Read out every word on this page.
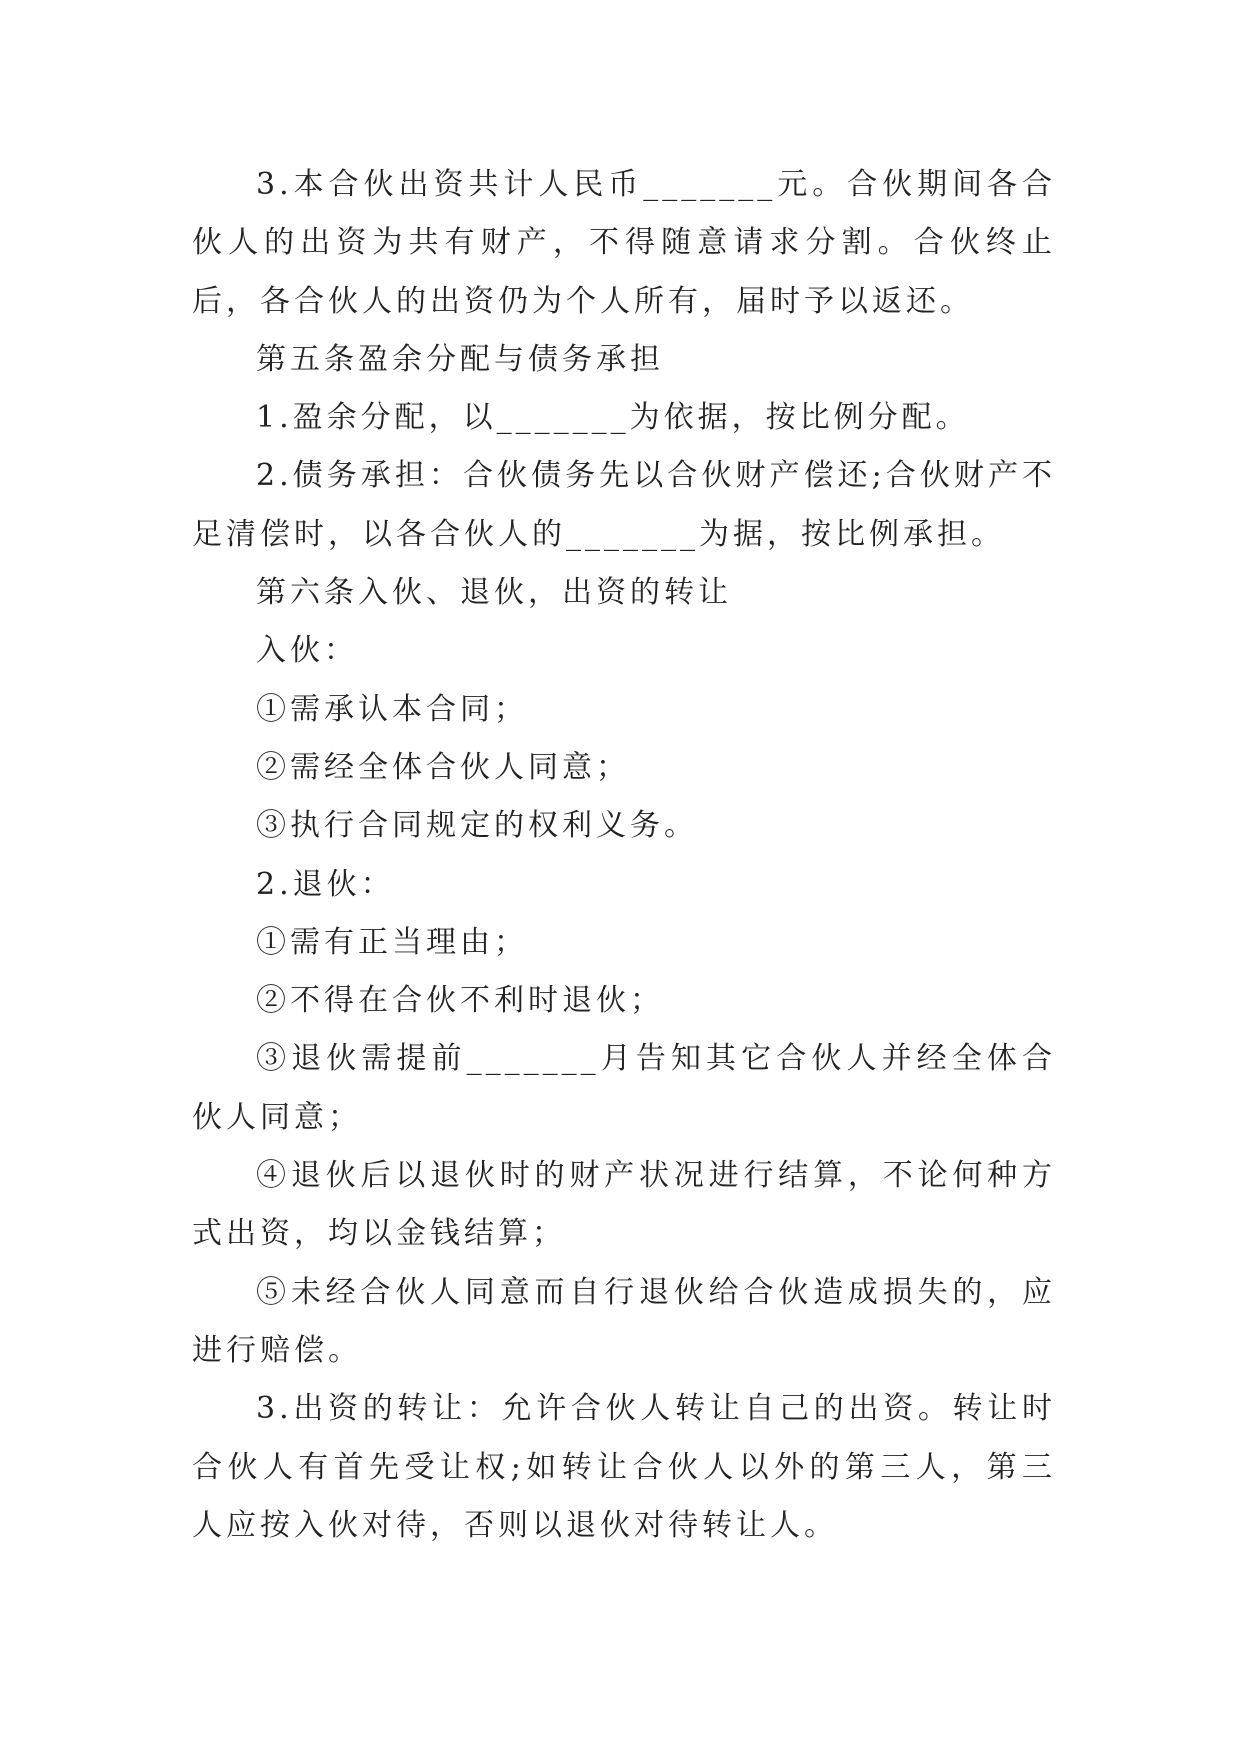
3.本合伙出资共计人民币_______元。合伙期间各合伙人的出资为共有财产，不得随意请求分割。合伙终止后，各合伙人的出资仍为个人所有，届时予以返还。

第五条盈余分配与债务承担

1.盈余分配，以_______为依据，按比例分配。

2.债务承担：合伙债务先以合伙财产偿还;合伙财产不足清偿时，以各合伙人的_______为据，按比例承担。

第六条入伙、退伙，出资的转让

入伙：

①需承认本合同；

②需经全体合伙人同意；

③执行合同规定的权利义务。

2.退伙：

①需有正当理由；

②不得在合伙不利时退伙；

③退伙需提前_______月告知其它合伙人并经全体合伙人同意；

④退伙后以退伙时的财产状况进行结算，不论何种方式出资，均以金钱结算；

⑤未经合伙人同意而自行退伙给合伙造成损失的，应进行赔偿。

3.出资的转让：允许合伙人转让自己的出资。转让时合伙人有首先受让权;如转让合伙人以外的第三人，第三人应按入伙对待，否则以退伙对待转让人。
